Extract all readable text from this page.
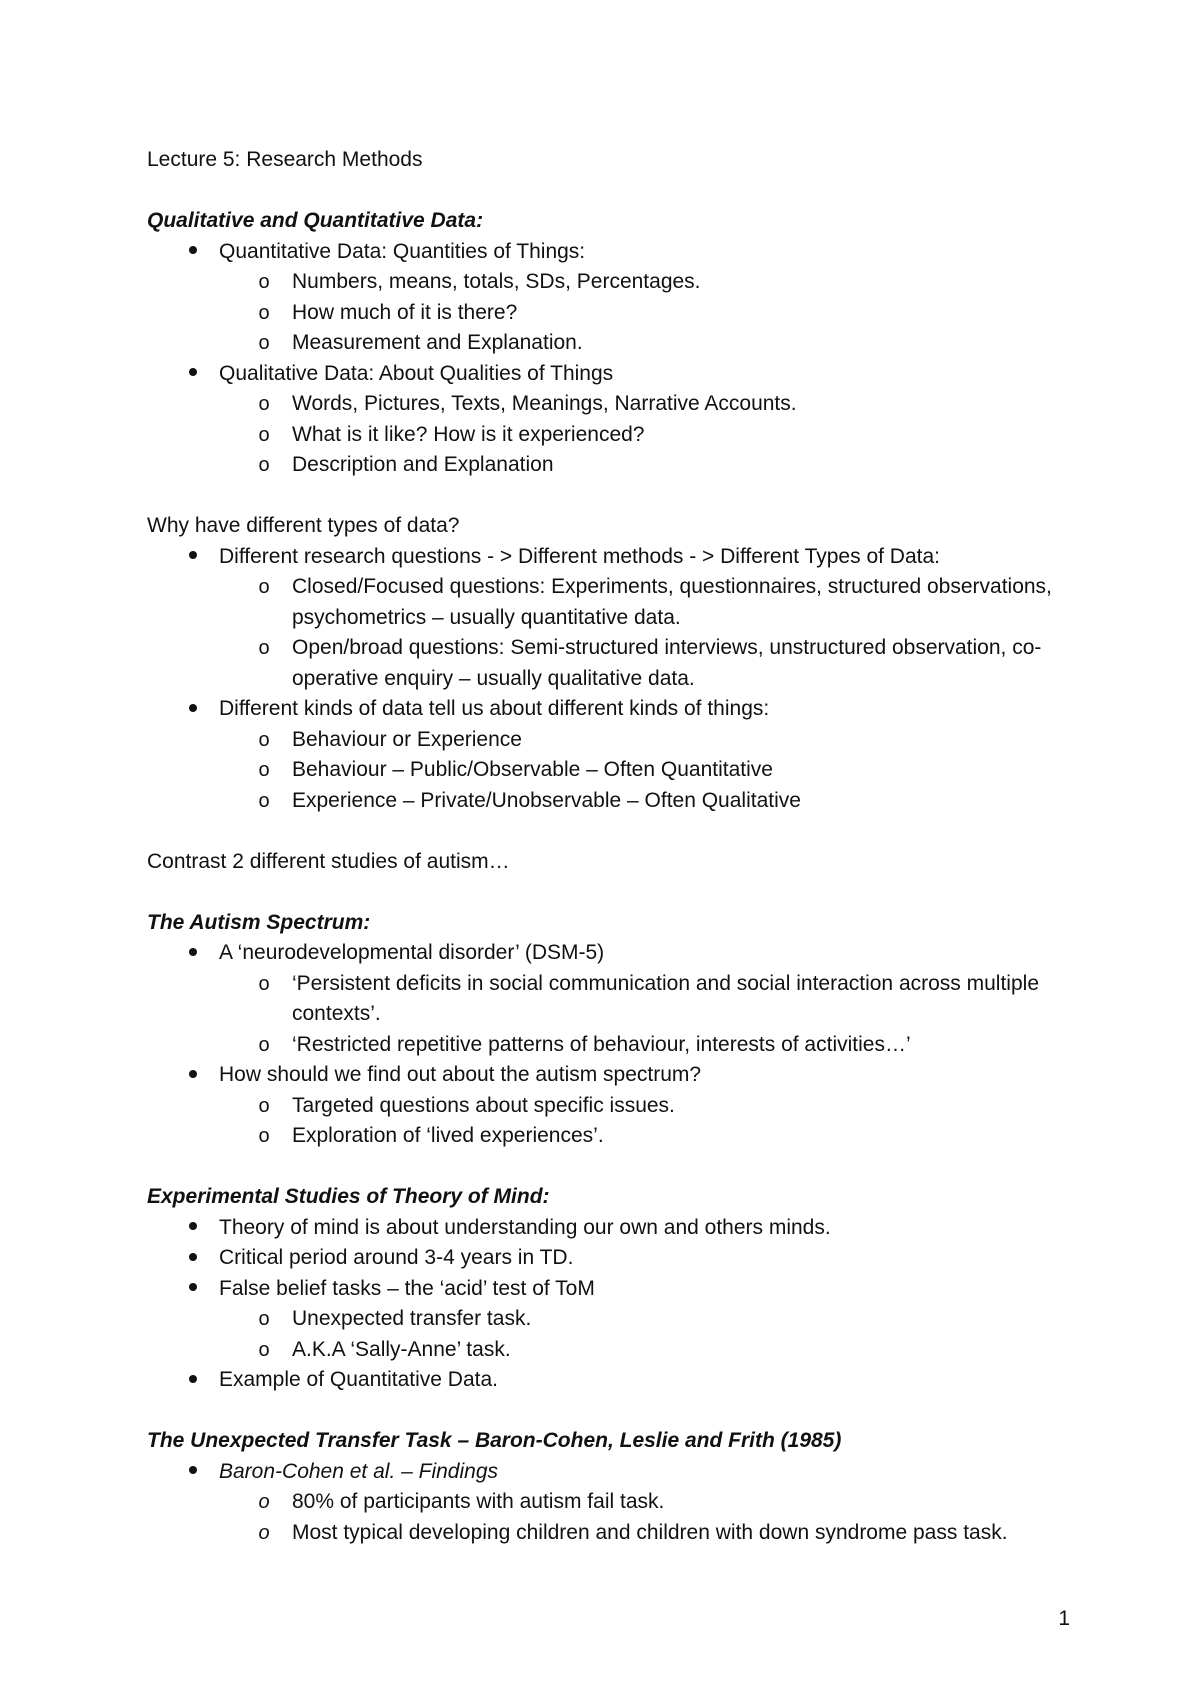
Lecture 5: Research Methods

Qualitative and Quantitative Data:

Quantitative Data: Quantities of Things:
o Numbers, means, totals, SDs, Percentages.
o How much of it is there?
o Measurement and Explanation.
Qualitative Data: About Qualities of Things
o Words, Pictures, Texts, Meanings, Narrative Accounts.
o What is it like? How is it experienced?
o Description and Explanation

Why have different types of data?

Different research questions - > Different methods - > Different Types of Data:
o Closed/Focused questions: Experiments, questionnaires, structured observations, psychometrics – usually quantitative data.
o Open/broad questions: Semi-structured interviews, unstructured observation, co-operative enquiry – usually qualitative data.
Different kinds of data tell us about different kinds of things:
o Behaviour or Experience
o Behaviour – Public/Observable – Often Quantitative
o Experience – Private/Unobservable – Often Qualitative

Contrast 2 different studies of autism…

The Autism Spectrum:

A ‘neurodevelopmental disorder’ (DSM-5)
o ‘Persistent deficits in social communication and social interaction across multiple contexts’.
o ‘Restricted repetitive patterns of behaviour, interests of activities…’
How should we find out about the autism spectrum?
o Targeted questions about specific issues.
o Exploration of ‘lived experiences’.

Experimental Studies of Theory of Mind:

Theory of mind is about understanding our own and others minds.
Critical period around 3-4 years in TD.
False belief tasks – the ‘acid’ test of ToM
o Unexpected transfer task.
o A.K.A ‘Sally-Anne’ task.
Example of Quantitative Data.

The Unexpected Transfer Task – Baron-Cohen, Leslie and Frith (1985)

Baron-Cohen et al. – Findings
o 80% of participants with autism fail task.
o Most typical developing children and children with down syndrome pass task.
1
